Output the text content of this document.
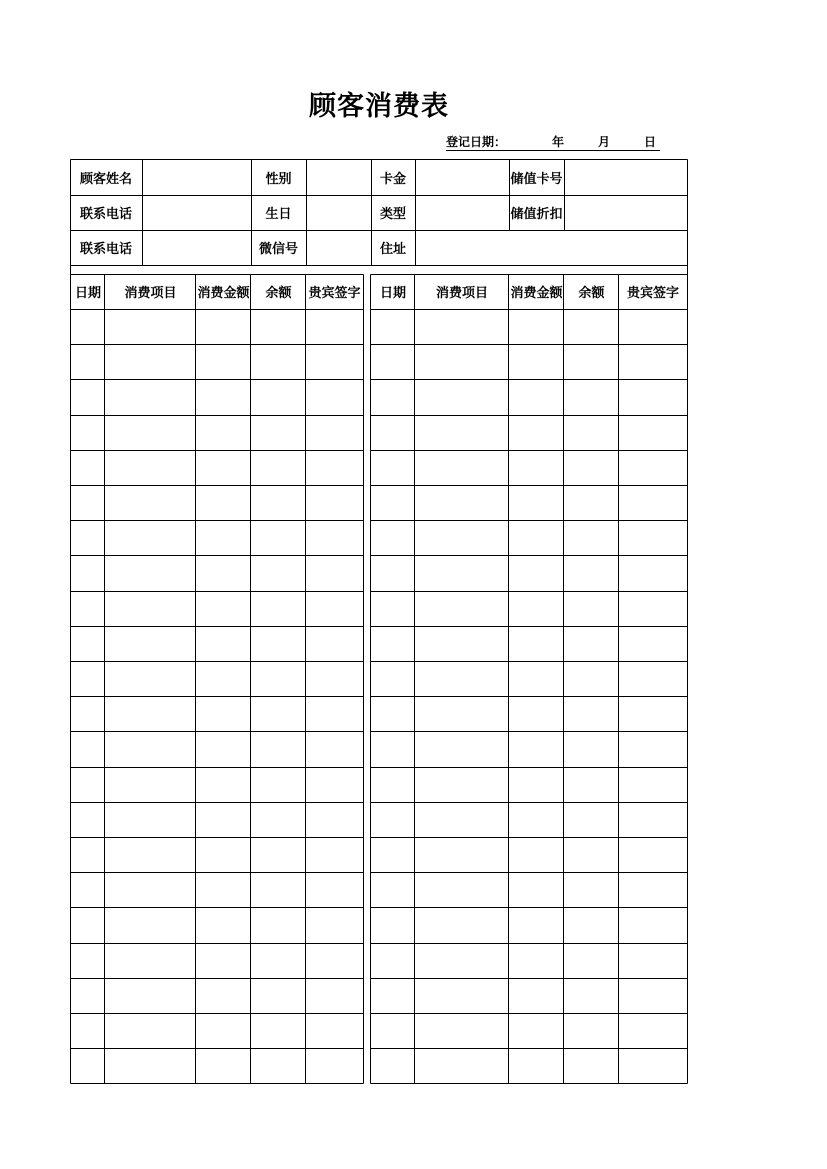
顾客消费表
登记日期：	年	月	日
顾客姓名	性别	卡金	储值卡号
联系电话	生日	类型	储值折扣
联系电话	微信号	住址
日期	消费项目	消费金额	余额	贵宾签字	日期	消费项目	消费金额	余额	贵宾签字
